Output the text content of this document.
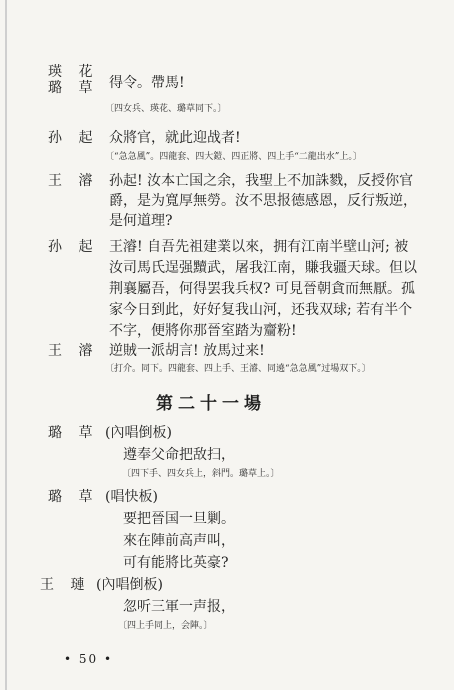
瑛 花
璐 草 得令。帶馬!
〔四女兵、瑛花、璐草同下。〕
孙 起 众將官，就此迎战者!
〔“急急風”。四龍套、四大鎧、四正將、四上手“二龍出水”上。〕
王 濬 孙起! 汝本亡国之余，我聖上不加誅戮，反授你官
爵，是为寬厚無勞。汝不思报德感恩，反行叛逆，
是何道理?
孙 起 王濬! 自吾先祖建業以來，拥有江南半壁山河; 被
汝司馬氏逞强黷武，屠我江南，賺我疆天球。但以
荆襄屬吾，何得罢我兵权? 可見晉朝貪而無厭。孤
家今日到此，好好复我山河，还我双球; 若有半个
不字，便將你那晉室踏为齏粉!
王 濬 逆賊一派胡言! 放馬过来!
〔打介。同下。四龍套、四上手、王濬、同遶“急急風”过場双下。〕
第二十一場
璐 草 (內唱倒板)
遵奉父命把敌扫，
〔四下手、四女兵上，斜門。璐草上。〕
璐 草 (唱快板)
要把晉国一旦剿。
來在陣前高声叫，
可有能將比英豪?
王 璉 (內唱倒板)
忽听三軍一声报，
〔四上手同上，会陣。〕
• 50 •
